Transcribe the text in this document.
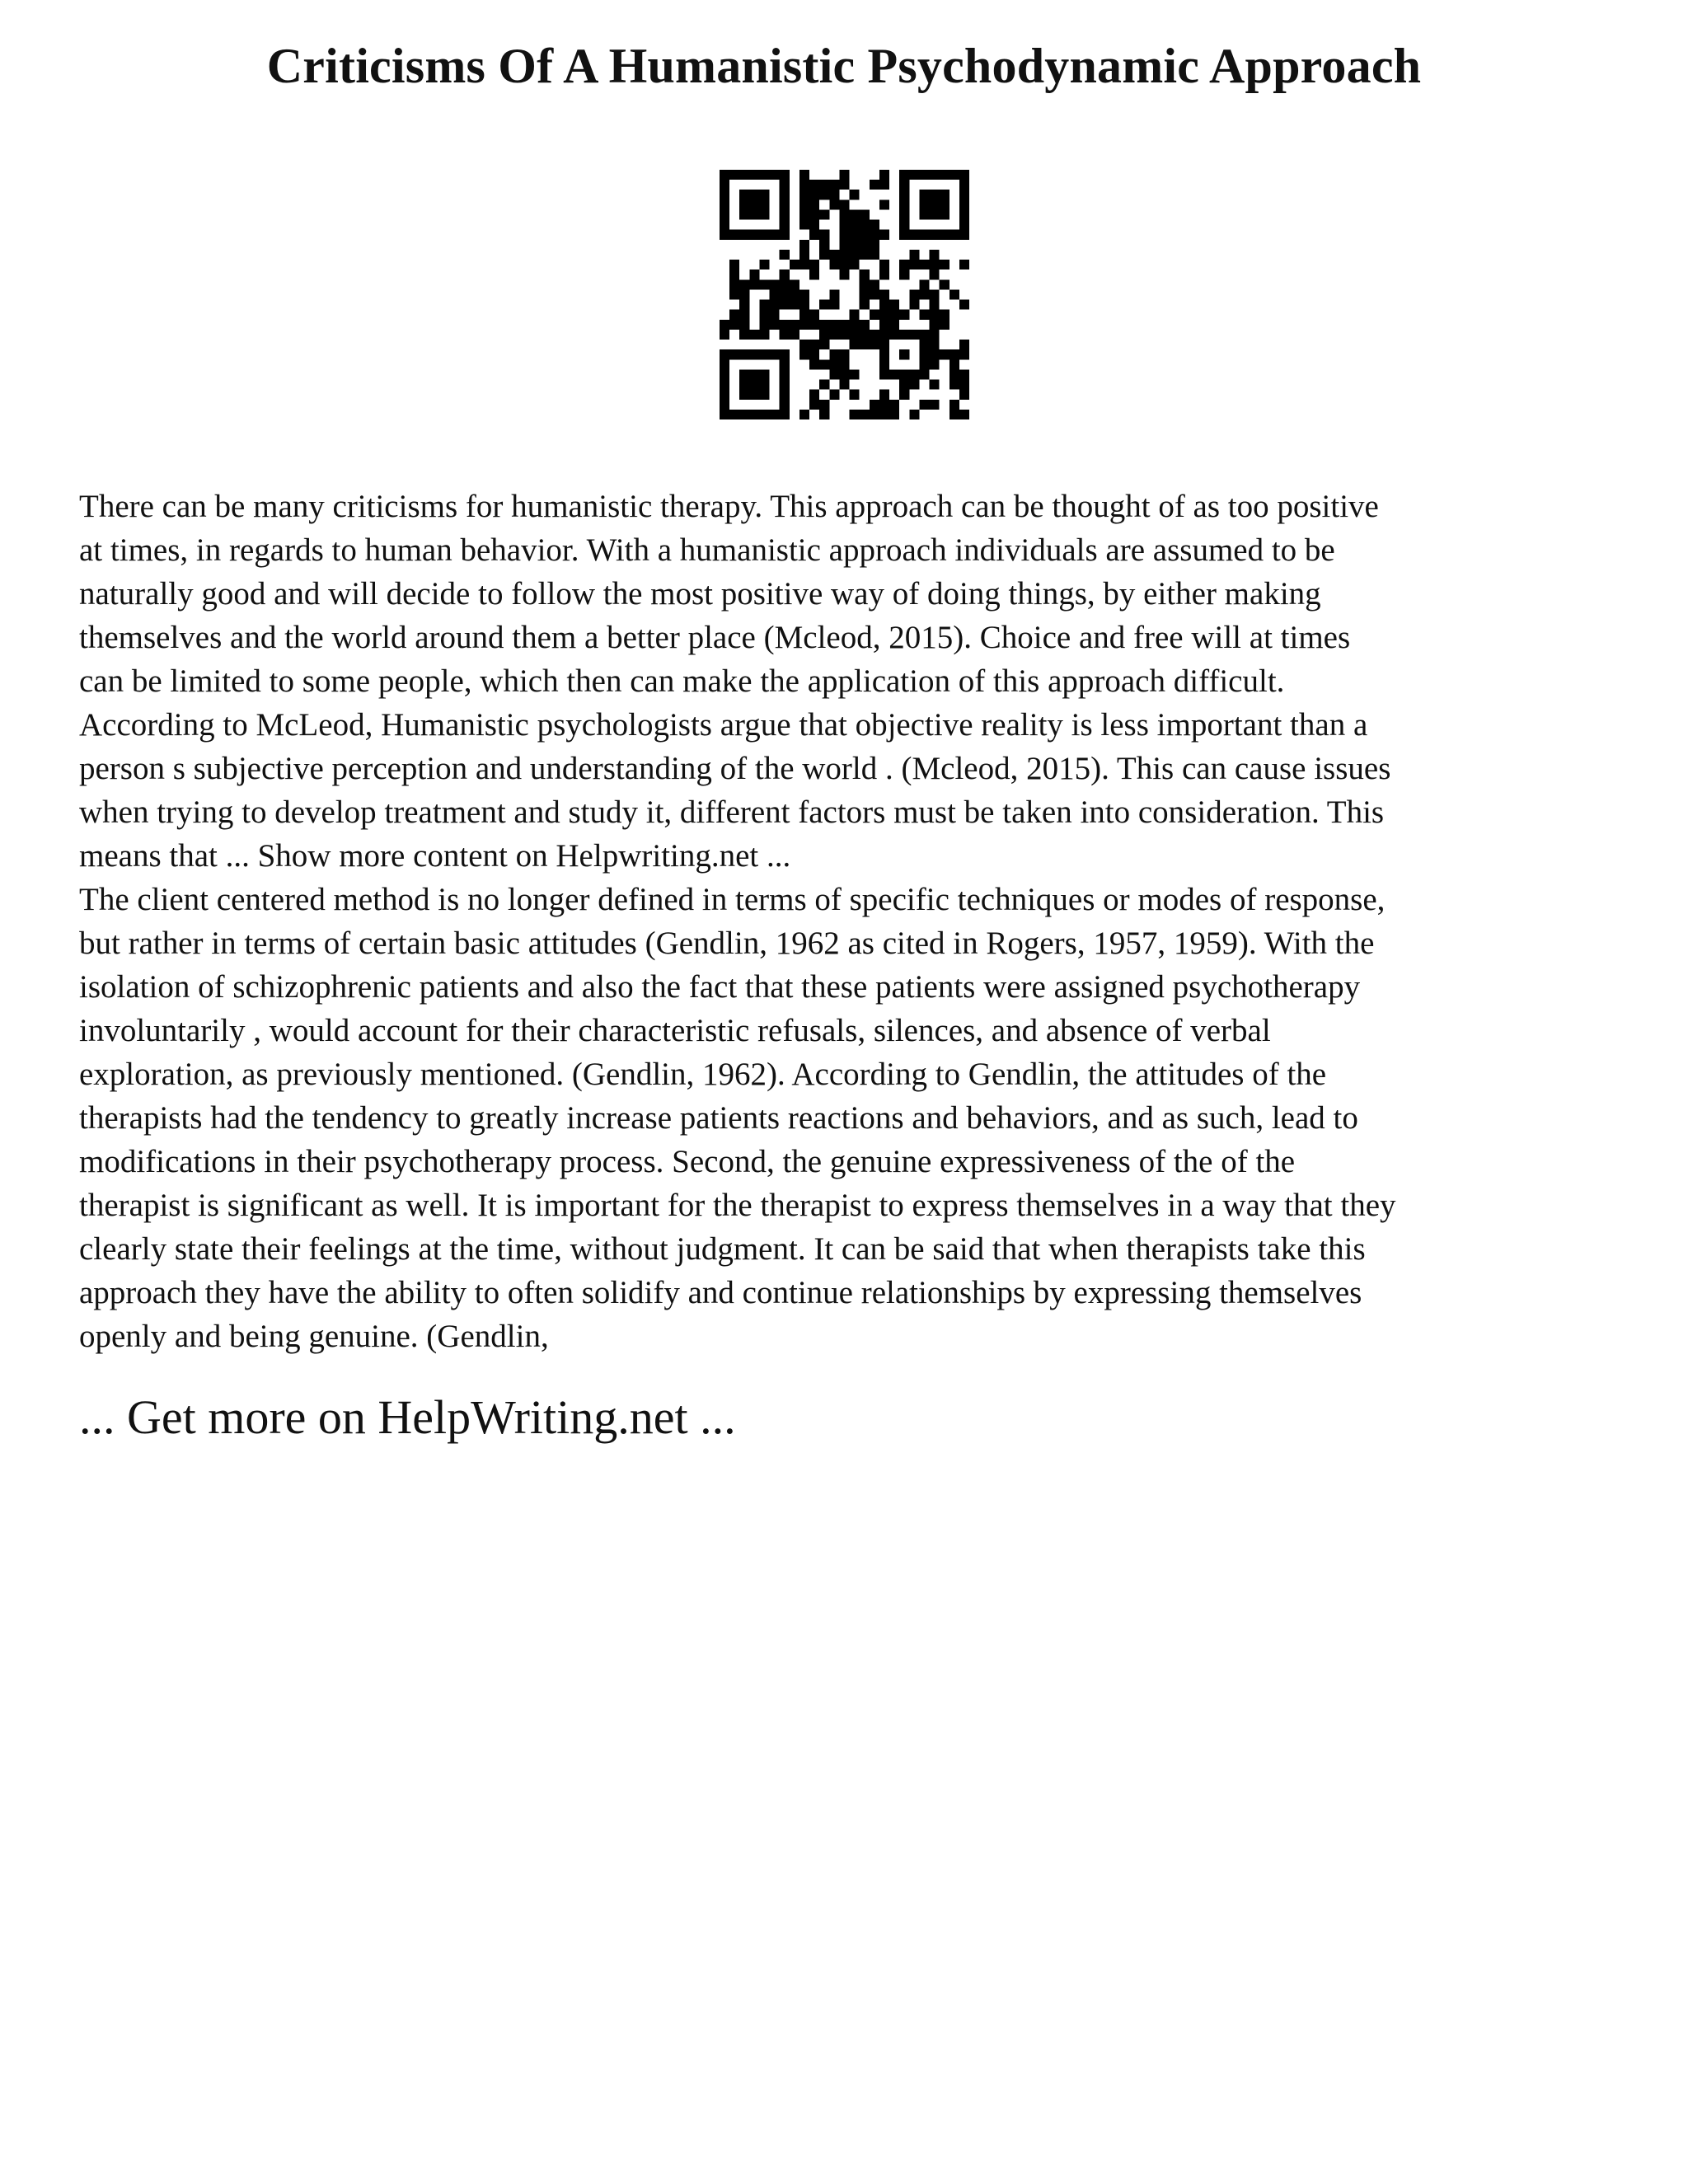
Criticisms Of A Humanistic Psychodynamic Approach

There can be many criticisms for humanistic therapy. This approach can be thought of as too positive
at times, in regards to human behavior. With a humanistic approach individuals are assumed to be
naturally good and will decide to follow the most positive way of doing things, by either making
themselves and the world around them a better place (Mcleod, 2015). Choice and free will at times
can be limited to some people, which then can make the application of this approach difficult.
According to McLeod, Humanistic psychologists argue that objective reality is less important than a
person s subjective perception and understanding of the world . (Mcleod, 2015). This can cause issues
when trying to develop treatment and study it, different factors must be taken into consideration. This
means that ... Show more content on Helpwriting.net ...

The client centered method is no longer defined in terms of specific techniques or modes of response,
but rather in terms of certain basic attitudes (Gendlin, 1962 as cited in Rogers, 1957, 1959). With the
isolation of schizophrenic patients and also the fact that these patients were assigned psychotherapy
involuntarily , would account for their characteristic refusals, silences, and absence of verbal
exploration, as previously mentioned. (Gendlin, 1962). According to Gendlin, the attitudes of the
therapists had the tendency to greatly increase patients reactions and behaviors, and as such, lead to
modifications in their psychotherapy process. Second, the genuine expressiveness of the of the
therapist is significant as well. It is important for the therapist to express themselves in a way that they
clearly state their feelings at the time, without judgment. It can be said that when therapists take this
approach they have the ability to often solidify and continue relationships by expressing themselves
openly and being genuine. (Gendlin,

... Get more on HelpWriting.net ...
